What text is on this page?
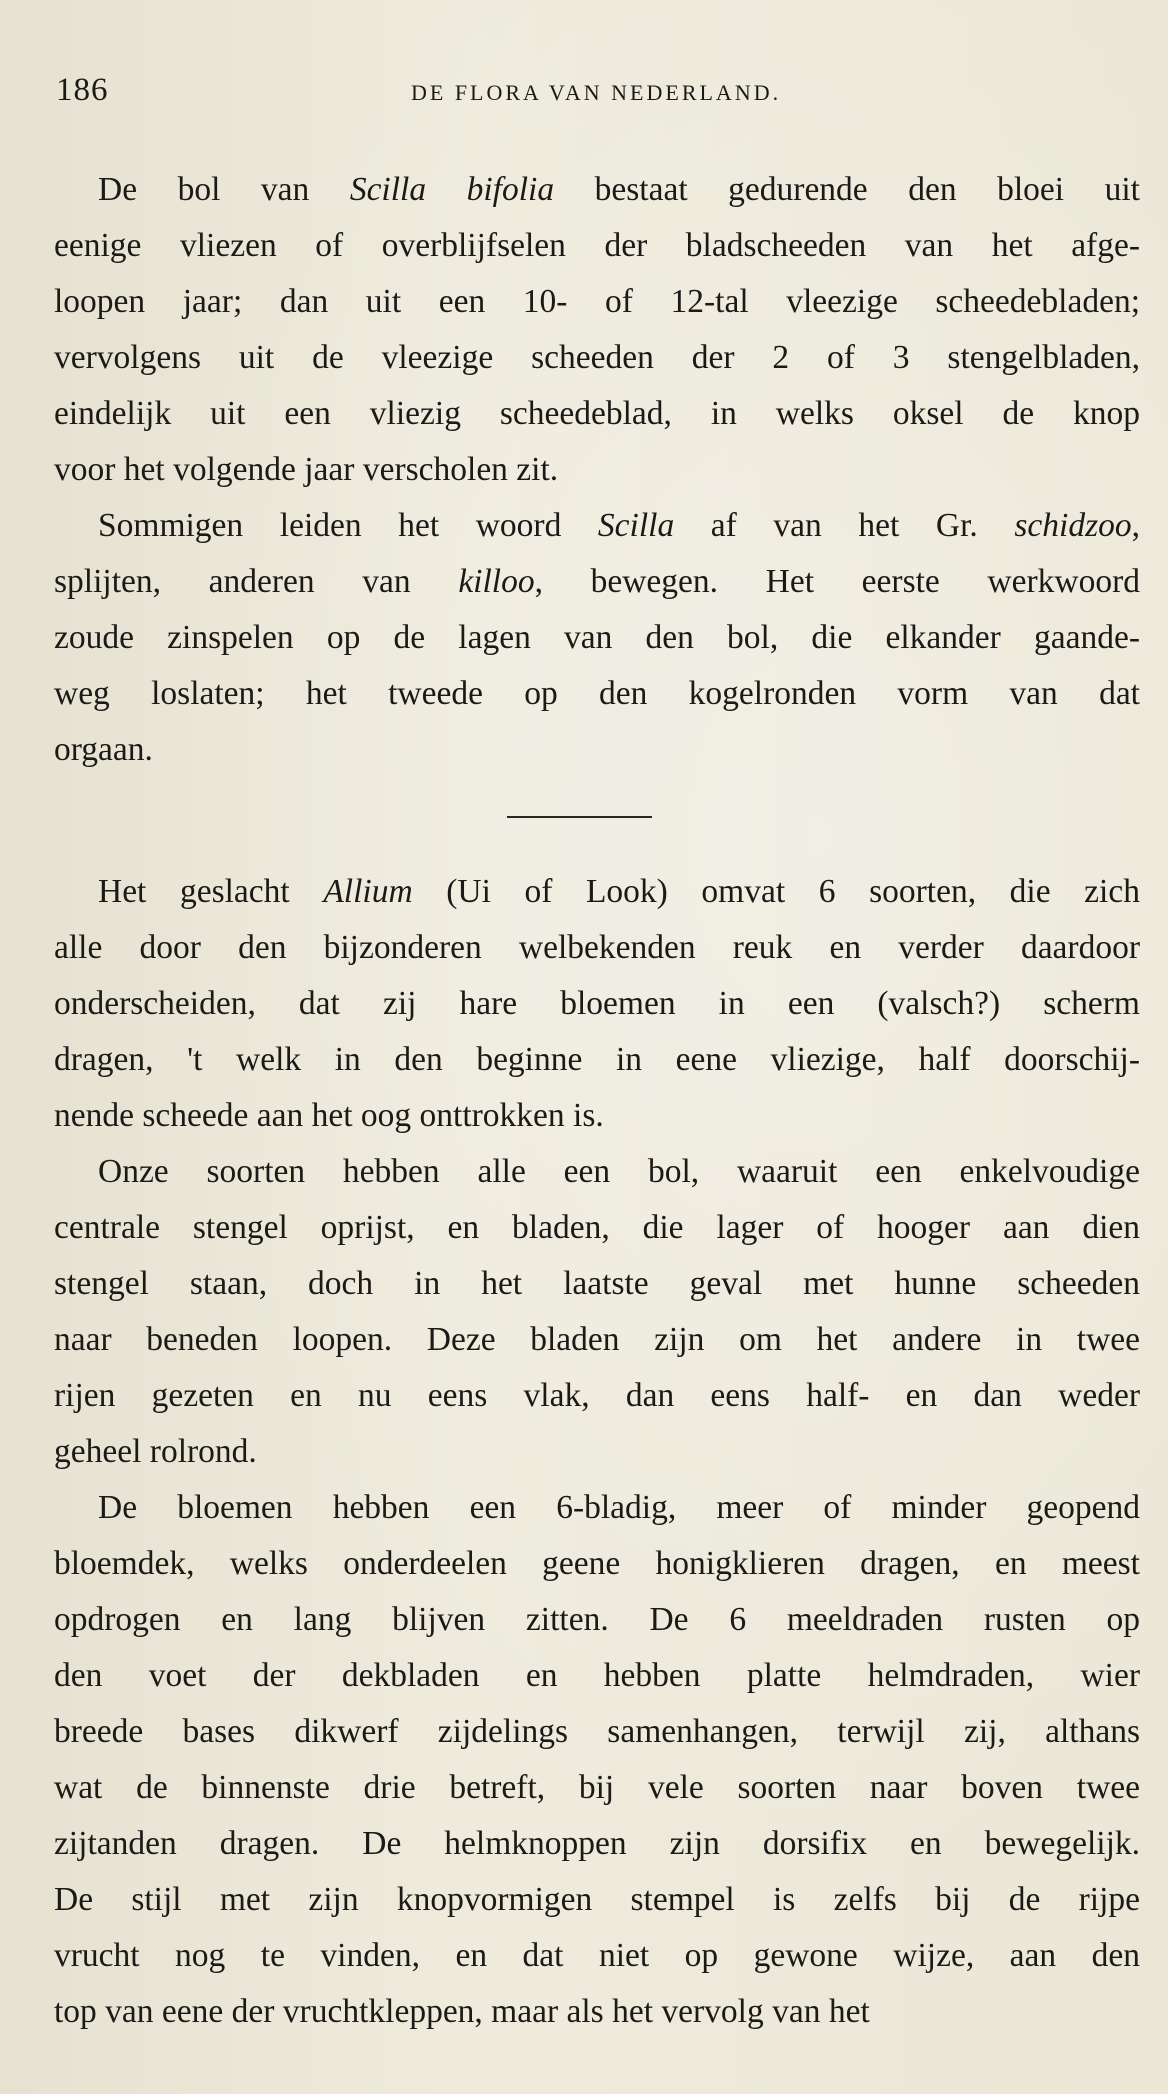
186	DE FLORA VAN NEDERLAND.
De bol van Scilla bifolia bestaat gedurende den bloei uit
eenige vliezen of overblijfselen der bladscheeden van het afge-
loopen jaar; dan uit een 10- of 12-tal vleezige scheedebladen;
vervolgens uit de vleezige scheeden der 2 of 3 stengelbladen,
eindelijk uit een vliezig scheedeblad, in welks oksel de knop
voor het volgende jaar verscholen zit.
Sommigen leiden het woord Scilla af van het Gr. schidzoo,
splijten, anderen van killoo, bewegen. Het eerste werkwoord
zoude zinspelen op de lagen van den bol, die elkander gaande-
weg loslaten; het tweede op den kogelronden vorm van dat
orgaan.
Het geslacht Allium (Ui of Look) omvat 6 soorten, die zich
alle door den bijzonderen welbekenden reuk en verder daardoor
onderscheiden, dat zij hare bloemen in een (valsch?) scherm
dragen, 't welk in den beginne in eene vliezige, half doorschij-
nende scheede aan het oog onttrokken is.
Onze soorten hebben alle een bol, waaruit een enkelvoudige
centrale stengel oprijst, en bladen, die lager of hooger aan dien
stengel staan, doch in het laatste geval met hunne scheeden
naar beneden loopen. Deze bladen zijn om het andere in twee
rijen gezeten en nu eens vlak, dan eens half- en dan weder
geheel rolrond.
De bloemen hebben een 6-bladig, meer of minder geopend
bloemdek, welks onderdeelen geene honigklieren dragen, en meest
opdrogen en lang blijven zitten. De 6 meeldraden rusten op
den voet der dekbladen en hebben platte helmdraden, wier
breede bases dikwerf zijdelings samenhangen, terwijl zij, althans
wat de binnenste drie betreft, bij vele soorten naar boven twee
zijtanden dragen. De helmknoppen zijn dorsifix en bewegelijk.
De stijl met zijn knopvormigen stempel is zelfs bij de rijpe
vrucht nog te vinden, en dat niet op gewone wijze, aan den
top van eene der vruchtkleppen, maar als het vervolg van het
